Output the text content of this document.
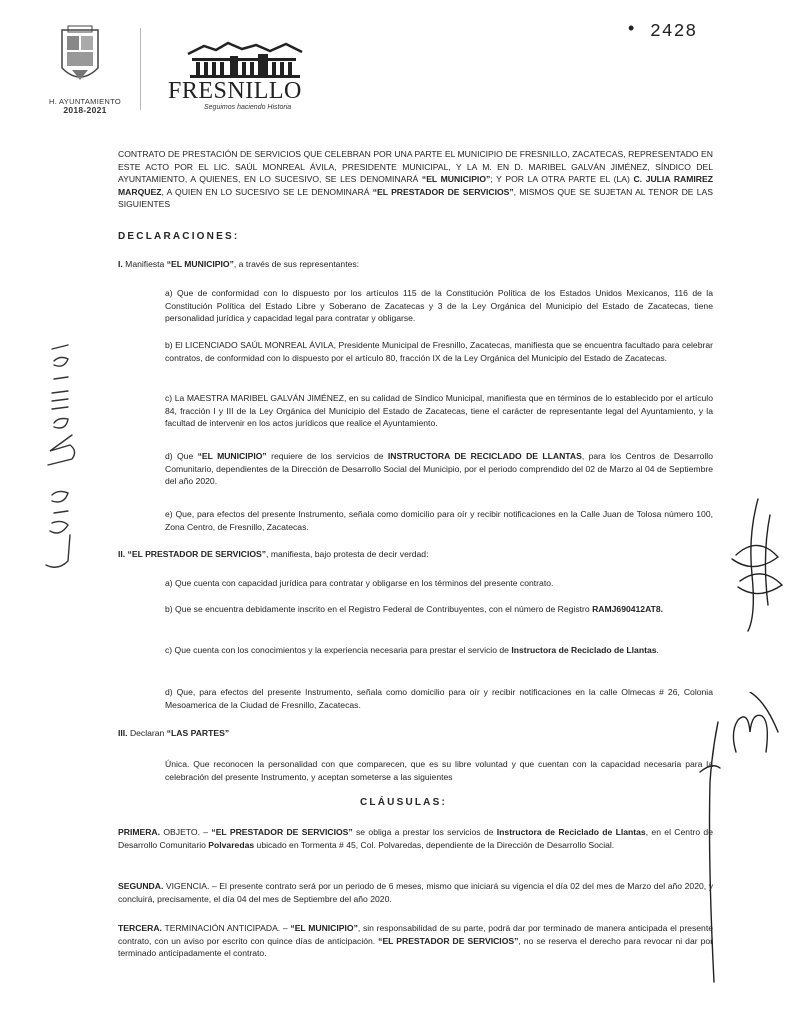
H. AYUNTAMIENTO
2018-2021
FRESNILLO
Seguimos haciendo Historia
• 2428
CONTRATO DE PRESTACIÓN DE SERVICIOS QUE CELEBRAN POR UNA PARTE EL MUNICIPIO DE FRESNILLO, ZACATECAS, REPRESENTADO EN ESTE ACTO POR EL LIC. SAÚL MONREAL ÁVILA, PRESIDENTE MUNICIPAL, Y LA M. EN D. MARIBEL GALVÁN JIMÉNEZ, SÍNDICO DEL AYUNTAMIENTO, A QUIENES, EN LO SUCESIVO, SE LES DENOMINARÁ “EL MUNICIPIO”; Y POR LA OTRA PARTE EL (LA) C. JULIA RAMIREZ MARQUEZ, A QUIEN EN LO SUCESIVO SE LE DENOMINARÁ “EL PRESTADOR DE SERVICIOS”, MISMOS QUE SE SUJETAN AL TENOR DE LAS SIGUIENTES
DECLARACIONES:
I. Manifiesta “EL MUNICIPIO”, a través de sus representantes:
a) Que de conformidad con lo dispuesto por los artículos 115 de la Constitución Política de los Estados Unidos Mexicanos, 116 de la Constitución Política del Estado Libre y Soberano de Zacatecas y 3 de la Ley Orgánica del Municipio del Estado de Zacatecas, tiene personalidad jurídica y capacidad legal para contratar y obligarse.
b) El LICENCIADO SAÚL MONREAL ÁVILA, Presidente Municipal de Fresnillo, Zacatecas, manifiesta que se encuentra facultado para celebrar contratos, de conformidad con lo dispuesto por el artículo 80, fracción IX de la Ley Orgánica del Municipio del Estado de Zacatecas.
c) La MAESTRA MARIBEL GALVÁN JIMÉNEZ, en su calidad de Síndico Municipal, manifiesta que en términos de lo establecido por el artículo 84, fracción I y III de la Ley Orgánica del Municipio del Estado de Zacatecas, tiene el carácter de representante legal del Ayuntamiento, y la facultad de intervenir en los actos jurídicos que realice el Ayuntamiento.
d) Que “EL MUNICIPIO” requiere de los servicios de INSTRUCTORA DE RECICLADO DE LLANTAS, para los Centros de Desarrollo Comunitario, dependientes de la Dirección de Desarrollo Social del Municipio, por el periodo comprendido del 02 de Marzo al 04 de Septiembre del año 2020.
e) Que, para efectos del presente Instrumento, señala como domicilio para oír y recibir notificaciones en la Calle Juan de Tolosa número 100, Zona Centro, de Fresnillo, Zacatecas.
II. “EL PRESTADOR DE SERVICIOS”, manifiesta, bajo protesta de decir verdad:
a) Que cuenta con capacidad jurídica para contratar y obligarse en los términos del presente contrato.
b) Que se encuentra debidamente inscrito en el Registro Federal de Contribuyentes, con el número de Registro RAMJ690412AT8.
c) Que cuenta con los conocimientos y la experiencia necesaria para prestar el servicio de Instructora de Reciclado de Llantas.
d) Que, para efectos del presente Instrumento, señala como domicilio para oír y recibir notificaciones en la calle Olmecas # 26, Colonia Mesoamerica de la Ciudad de Fresnillo, Zacatecas.
III. Declaran “LAS PARTES”
Única. Que reconocen la personalidad con que comparecen, que es su libre voluntad y que cuentan con la capacidad necesaria para la celebración del presente Instrumento, y aceptan someterse a las siguientes
CLÁUSULAS:
PRIMERA. OBJETO. – “EL PRESTADOR DE SERVICIOS” se obliga a prestar los servicios de Instructora de Reciclado de Llantas, en el Centro de Desarrollo Comunitario Polvaredas ubicado en Tormenta # 45, Col. Polvaredas, dependiente de la Dirección de Desarrollo Social.
SEGUNDA. VIGENCIA. – El presente contrato será por un periodo de 6 meses, mismo que iniciará su vigencia el día 02 del mes de Marzo del año 2020, y concluirá, precisamente, el día 04 del mes de Septiembre del año 2020.
TERCERA. TERMINACIÓN ANTICIPADA. – “EL MUNICIPIO”, sin responsabilidad de su parte, podrá dar por terminado de manera anticipada el presente contrato, con un aviso por escrito con quince días de anticipación. “EL PRESTADOR DE SERVICIOS”, no se reserva el derecho para revocar ni dar por terminado anticipadamente el contrato.
